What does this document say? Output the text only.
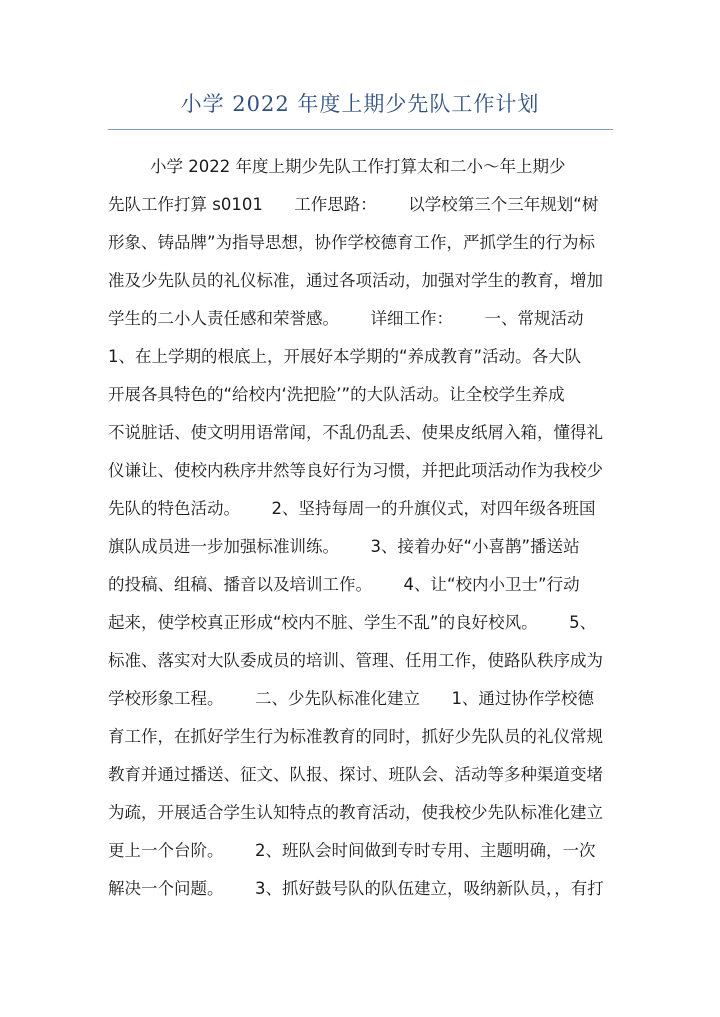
小学 2022 年度上期少先队工作计划
小学 2022 年度上期少先队工作打算太和二小～年上期少
先队工作打算 s0101      工作思路：      以学校第三个三年规划“树
形象、铸品牌”为指导思想，协作学校德育工作，严抓学生的行为标
准及少先队员的礼仪标准，通过各项活动，加强对学生的教育，增加
学生的二小人责任感和荣誉感。      详细工作：      一、常规活动
1、在上学期的根底上，开展好本学期的“养成教育”活动。各大队
开展各具特色的“给校内‘洗把脸’”的大队活动。让全校学生养成
不说脏话、使文明用语常闻，不乱仍乱丢、使果皮纸屑入箱，懂得礼
仪谦让、使校内秩序井然等良好行为习惯，并把此项活动作为我校少
先队的特色活动。      2、坚持每周一的升旗仪式，对四年级各班国
旗队成员进一步加强标准训练。      3、接着办好“小喜鹊”播送站
的投稿、组稿、播音以及培训工作。      4、让“校内小卫士”行动
起来，使学校真正形成“校内不脏、学生不乱”的良好校风。      5、
标准、落实对大队委成员的培训、管理、任用工作，使路队秩序成为
学校形象工程。      二、少先队标准化建立      1、通过协作学校德
育工作，在抓好学生行为标准教育的同时，抓好少先队员的礼仪常规
教育并通过播送、征文、队报、探讨、班队会、活动等多种渠道变堵
为疏，开展适合学生认知特点的教育活动，使我校少先队标准化建立
更上一个台阶。      2、班队会时间做到专时专用、主题明确，一次
解决一个问题。      3、抓好鼓号队的队伍建立，吸纳新队员，，有打
